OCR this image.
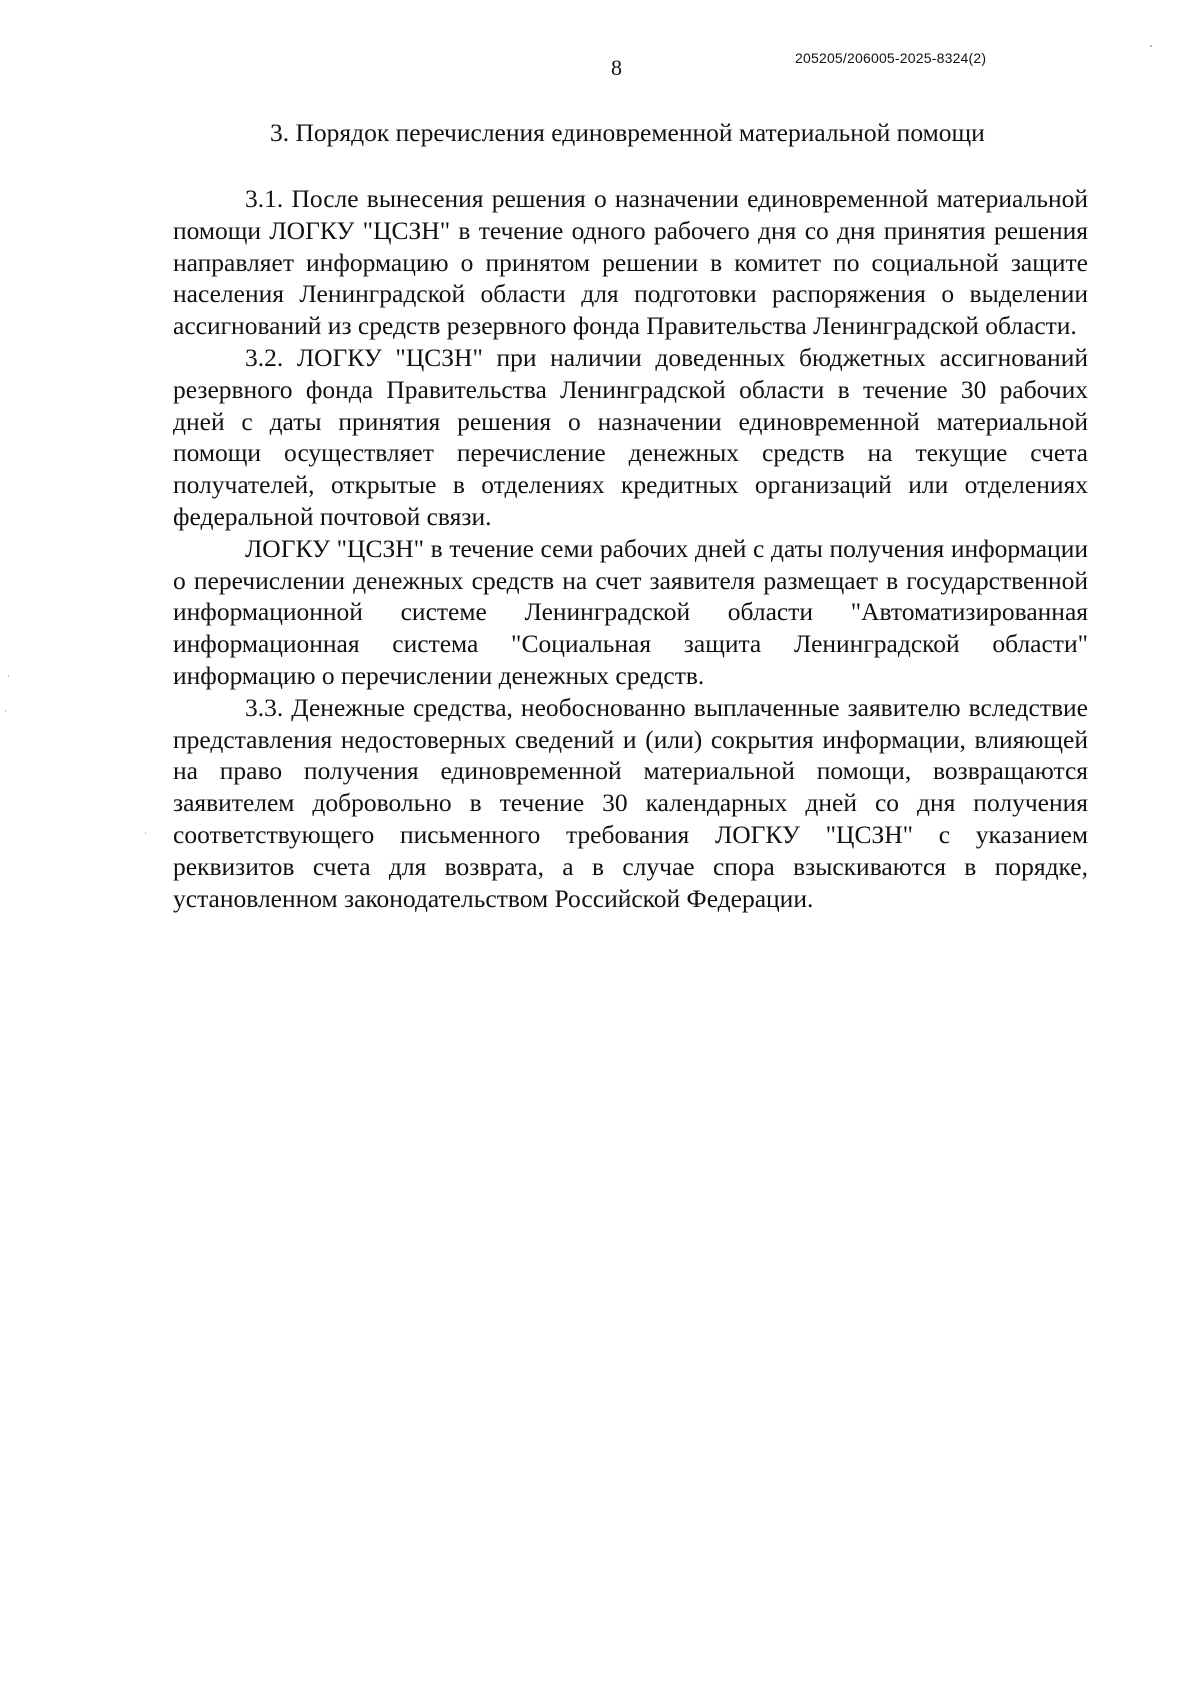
8	205205/206005-2025-8324(2)
3. Порядок перечисления единовременной материальной помощи

3.1. После вынесения решения о назначении единовременной материальной помощи ЛОГКУ "ЦСЗН" в течение одного рабочего дня со дня принятия решения направляет информацию о принятом решении в комитет по социальной защите населения Ленинградской области для подготовки распоряжения о выделении ассигнований из средств резервного фонда Правительства Ленинградской области.

3.2. ЛОГКУ "ЦСЗН" при наличии доведенных бюджетных ассигнований резервного фонда Правительства Ленинградской области в течение 30 рабочих дней с даты принятия решения о назначении единовременной материальной помощи осуществляет перечисление денежных средств на текущие счета получателей, открытые в отделениях кредитных организаций или отделениях федеральной почтовой связи.

ЛОГКУ "ЦСЗН" в течение семи рабочих дней с даты получения информации о перечислении денежных средств на счет заявителя размещает в государственной информационной системе Ленинградской области "Автоматизированная информационная система "Социальная защита Ленинградской области" информацию о перечислении денежных средств.

3.3. Денежные средства, необоснованно выплаченные заявителю вследствие представления недостоверных сведений и (или) сокрытия информации, влияющей на право получения единовременной материальной помощи, возвращаются заявителем добровольно в течение 30 календарных дней со дня получения соответствующего письменного требования ЛОГКУ "ЦСЗН" с указанием реквизитов счета для возврата, а в случае спора взыскиваются в порядке, установленном законодательством Российской Федерации.
